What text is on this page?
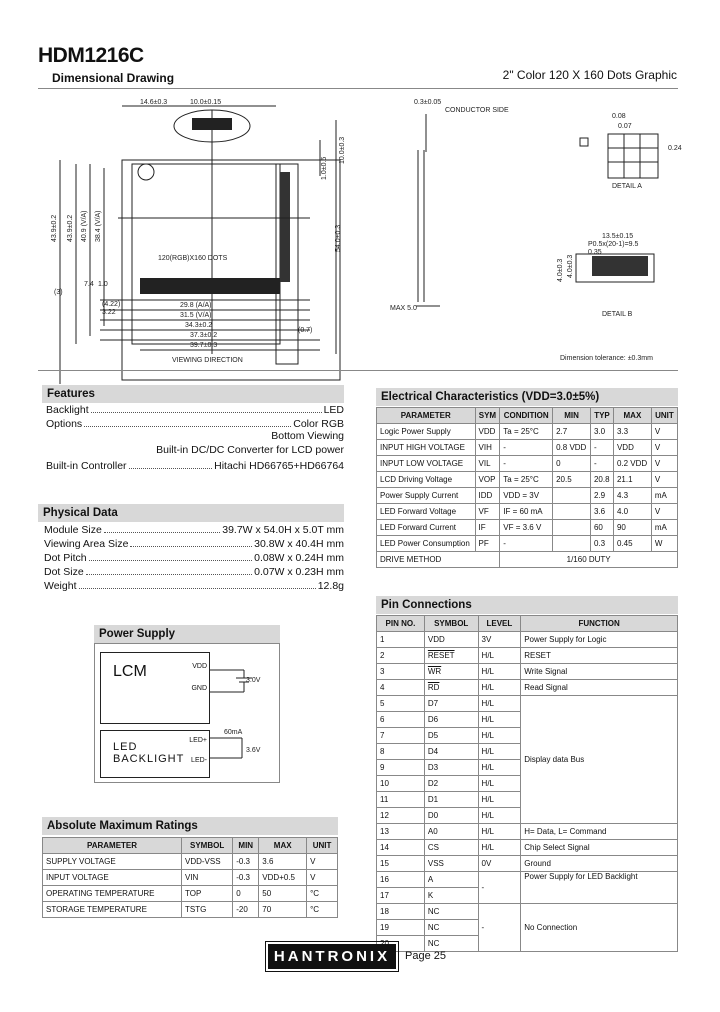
HDM1216C
Dimensional Drawing	2" Color 120 X 160 Dots Graphic
14.6±0.3	10.0±0.15
43.9±0.2 43.9±0.2 40.9 (V/A) 38.4 (V/A)
10.0±0.3
1.0±0.5
54.0±0.3
120(RGB)X160 DOTS
(4.22)
3.22
29.8 (A/A)
31.5 (V/A)
34.3±0.2
37.3±0.2
39.7±0.3
(0.7)
(3)
7.4 1.0
VIEWING DIRECTION
0.3±0.05
CONDUCTOR SIDE
MAX 5.0
0.08
0.07
0.24
DETAIL A
13.5±0.15
P0.5x(20-1)=9.5
0.35
4.0±0.3 4.0±0.3
DETAIL B
Dimension tolerance: ±0.3mm
Features
Backlight	LED
Options	Color RGB
Bottom Viewing
Built-in DC/DC Converter for LCD power
Built-in Controller	Hitachi HD66765+HD66764
Physical Data
Module Size	39.7W x 54.0H x 5.0T mm
Viewing Area Size	30.8W x 40.4H mm
Dot Pitch	0.08W x 0.24H mm
Dot Size	0.07W x 0.23H mm
Weight	12.8g
Power Supply
LCM	VDD
GND
LED BACKLIGHT
LED+
LED-
3.0V
60mA
3.6V
Absolute Maximum Ratings
PARAMETER	SYMBOL	MIN	MAX	UNIT
SUPPLY VOLTAGE	VDD-VSS	-0.3	3.6	V
INPUT VOLTAGE	VIN	-0.3	VDD+0.5	V
OPERATING TEMPERATURE	TOP	0	50	°C
STORAGE TEMPERATURE	TSTG	-20	70	°C
Electrical Characteristics (VDD=3.0±5%)
PARAMETER	SYM	CONDITION	MIN	TYP	MAX	UNIT
Logic Power Supply	VDD	Ta = 25°C	2.7	3.0	3.3	V
INPUT HIGH VOLTAGE	VIH	-	0.8 VDD	-	VDD	V
INPUT LOW VOLTAGE	VIL	-	0	-	0.2 VDD	V
LCD Driving Voltage	VOP	Ta = 25°C	20.5	20.8	21.1	V
Power Supply Current	IDD	VDD = 3V		2.9	4.3	mA
LED Forward Voltage	VF	IF = 60 mA		3.6	4.0	V
LED Forward Current	IF	VF = 3.6 V		60	90	mA
LED Power Consumption	PF	-		0.3	0.45	W
DRIVE METHOD		1/160 DUTY				
Pin Connections
PIN NO.	SYMBOL	LEVEL	FUNCTION
1	VDD	3V	Power Supply for Logic
2	RESET	H/L	RESET
3	$\overline{WR}$	H/L	Write Signal
4	$\overline{RD}$	H/L	Read Signal
5	D7	H/L	Display data Bus
6	D6	H/L	
7	D5	H/L	
8	D4	H/L	
9	D3	H/L	
10	D2	H/L	
11	D1	H/L	
12	D0	H/L	
13	A0	H/L	H= Data, L= Command
14	CS	H/L	Chip Select Signal
15	VSS	0V	Ground
16	A	-	Power Supply for LED Backlight
17	K		
18	NC	-	No Connection
19	NC		
	NC		
HANTRONIX	Page 25
